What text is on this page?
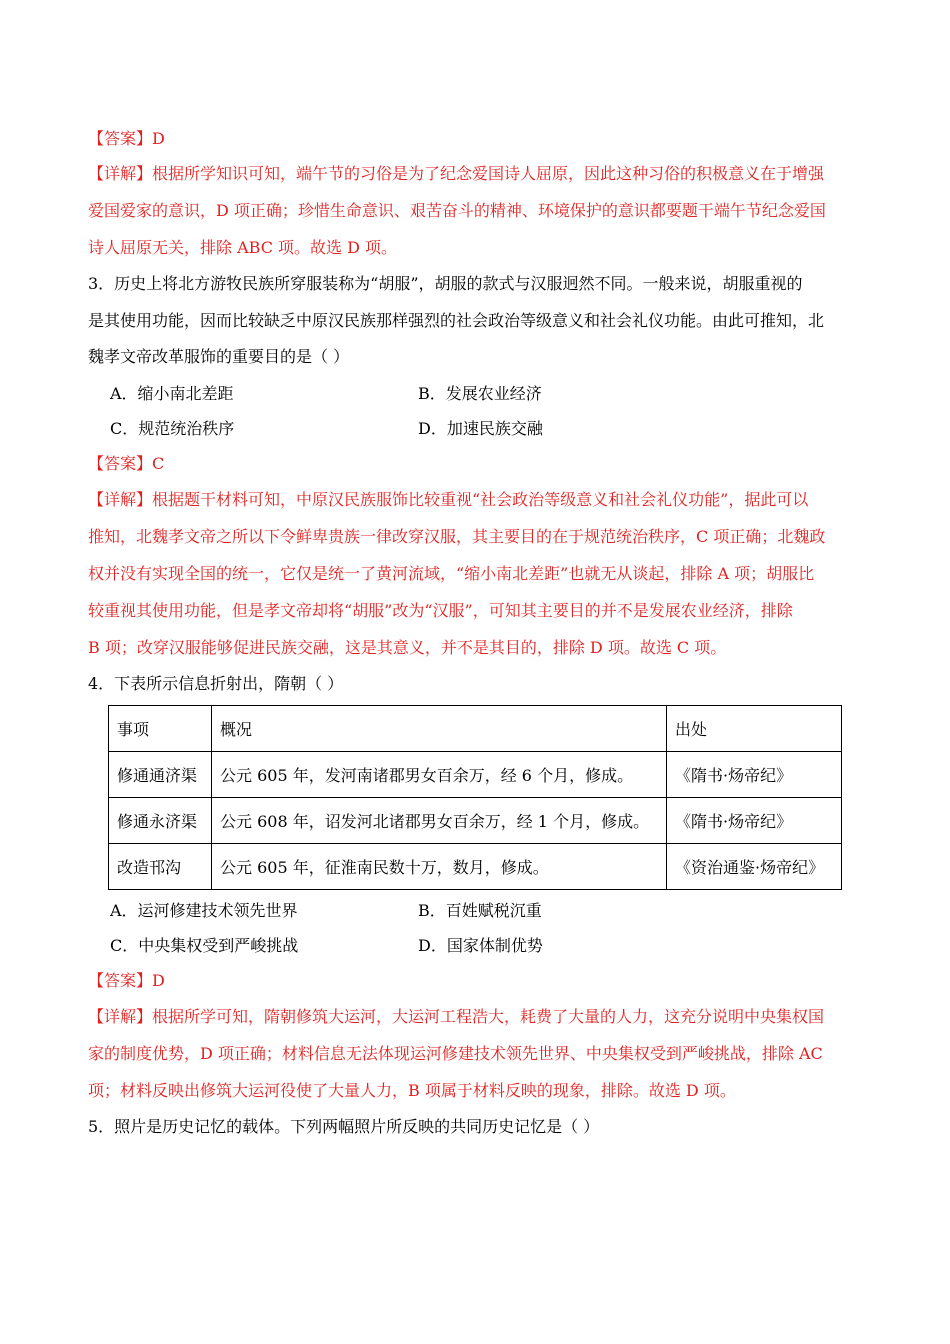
【答案】D
【详解】根据所学知识可知，端午节的习俗是为了纪念爱国诗人屈原，因此这种习俗的积极意义在于增强
爱国爱家的意识，D 项正确；珍惜生命意识、艰苦奋斗的精神、环境保护的意识都要题干端午节纪念爱国
诗人屈原无关，排除 ABC 项。故选 D 项。
3．历史上将北方游牧民族所穿服装称为“胡服”，胡服的款式与汉服迥然不同。一般来说，胡服重视的
是其使用功能，因而比较缺乏中原汉民族那样强烈的社会政治等级意义和社会礼仪功能。由此可推知，北
魏孝文帝改革服饰的重要目的是（ ）
A．缩小南北差距	B．发展农业经济
C．规范统治秩序	D．加速民族交融
【答案】C
【详解】根据题干材料可知，中原汉民族服饰比较重视“社会政治等级意义和社会礼仪功能”，据此可以
推知，北魏孝文帝之所以下令鲜卑贵族一律改穿汉服，其主要目的在于规范统治秩序，C 项正确；北魏政
权并没有实现全国的统一，它仅是统一了黄河流域，“缩小南北差距”也就无从谈起，排除 A 项；胡服比
较重视其使用功能，但是孝文帝却将“胡服”改为“汉服”，可知其主要目的并不是发展农业经济，排除
B 项；改穿汉服能够促进民族交融，这是其意义，并不是其目的，排除 D 项。故选 C 项。
4．下表所示信息折射出，隋朝（ ）
事项	概况	出处
修通通济渠	公元 605 年，发河南诸郡男女百余万，经 6 个月，修成。	《隋书·炀帝纪》
修通永济渠	公元 608 年，诏发河北诸郡男女百余万，经 1 个月，修成。	《隋书·炀帝纪》
改造邗沟	公元 605 年，征淮南民数十万，数月，修成。	《资治通鉴·炀帝纪》
A．运河修建技术领先世界	B．百姓赋税沉重
C．中央集权受到严峻挑战	D．国家体制优势
【答案】D
【详解】根据所学可知，隋朝修筑大运河，大运河工程浩大，耗费了大量的人力，这充分说明中央集权国
家的制度优势，D 项正确；材料信息无法体现运河修建技术领先世界、中央集权受到严峻挑战，排除 AC
项；材料反映出修筑大运河役使了大量人力，B 项属于材料反映的现象，排除。故选 D 项。
5．照片是历史记忆的载体。下列两幅照片所反映的共同历史记忆是（ ）
